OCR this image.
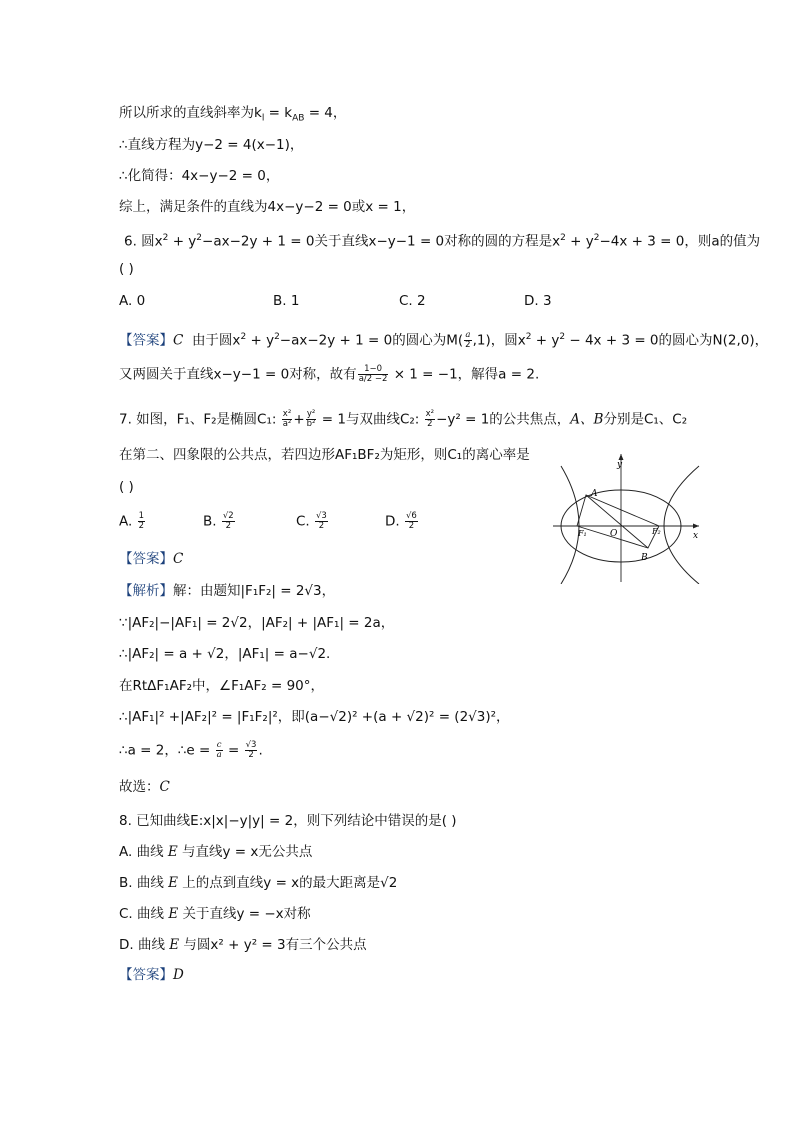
所以所求的直线斜率为$k_l = k_{AB} = 4$，
∴直线方程为y−2 = 4(x−1)，
∴化简得：4x−y−2 = 0，
综上，满足条件的直线为4x−y−2 = 0或x = 1，
6. 圆$x^2 + y^2-ax-2y + 1 = 0$关于直线x−y−1 = 0对称的圆的方程是$x^2 + y^2-4x + 3 = 0$，则a的值为
( )
A. 0	B. 1	C. 2	D. 3
【答案】C 由于圆$x^2 + y^2-ax-2y + 1 = 0$的圆心为$M( \frac{a}{2} ,1)$，圆$x^2 + y^2 - 4x + 3 = 0$的圆心为N(2,0)，
又两圆关于直线x−y−1 = 0对称，故有 $\frac{1-0}{a/2 -2} \times 1 = -1$，解得a = 2.
7. 如图，F₁、F₂是椭圆C₁: $\frac{\text{x²}}{\text{a²}} + \frac{\text{y²}}{\text{b²}} = 1$与双曲线C₂: $\frac{\text{x²}}{2} -y^2 = 1$的公共焦点，A、B分别是C₁、C₂
在第二、四象限的公共点，若四边形AF₁BF₂为矩形，则C₁的离心率是
( )
A. $\frac{1}{2}$	B. $\frac{√2}{2}$	C. $\frac{√3}{2}$	D. $\frac{√6}{2}$
【答案】C
【解析】解：由题知|F₁F₂| = 2√3，
∵|AF₂|−|AF₁| = 2√2，|AF₂| + |AF₁| = 2a，
∴|AF₂| = a + √2，|AF₁| = a−√2.
在RtΔF₁AF₂中，∠F₁AF₂ = 90°，
∴|AF₁|² +|AF₂|² = |F₁F₂|²，即(a−√2)² +(a + √2)² = (2√3)²，
∴a = 2，∴e = $\frac{c}{a} = \frac{√3}{2}$ .
故选：C
y
x
A
B
O
F₁	F₂
8. 已知曲线E:x|x|−y|y| = 2，则下列结论中错误的是( )
A. 曲线 E 与直线y = x无公共点
B. 曲线 E 上的点到直线y = x的最大距离是√2
C. 曲线 E 关于直线y = −x对称
D. 曲线 E 与圆x² + y² = 3有三个公共点
【答案】D
